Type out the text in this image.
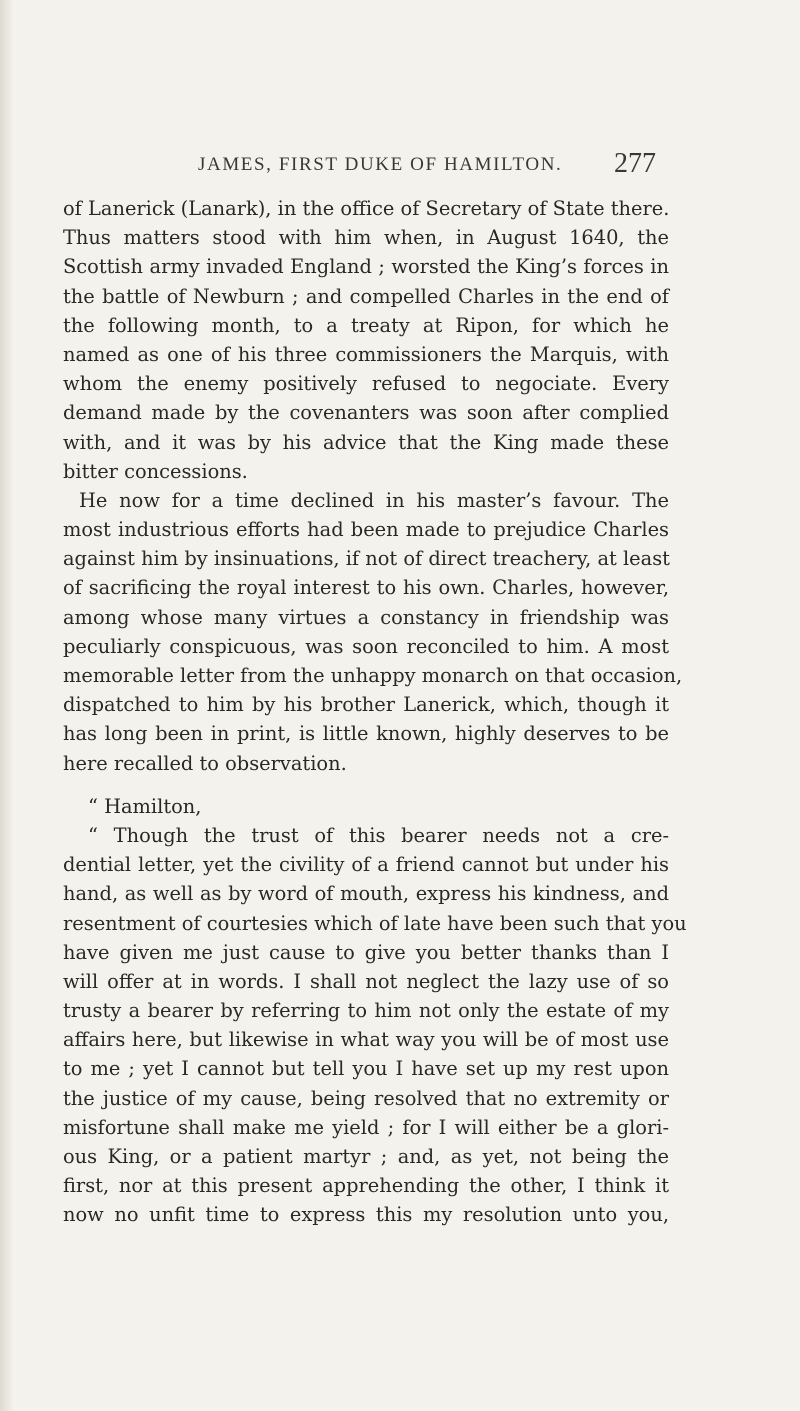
JAMES, FIRST DUKE OF HAMILTON. 277
of Lanerick (Lanark), in the office of Secretary of State there.
Thus matters stood with him when, in August 1640, the
Scottish army invaded England ; worsted the King’s forces in
the battle of Newburn ; and compelled Charles in the end of
the following month, to a treaty at Ripon, for which he
named as one of his three commissioners the Marquis, with
whom the enemy positively refused to negociate. Every
demand made by the covenanters was soon after complied
with, and it was by his advice that the King made these
bitter concessions.
He now for a time declined in his master’s favour. The
most industrious efforts had been made to prejudice Charles
against him by insinuations, if not of direct treachery, at least
of sacrificing the royal interest to his own. Charles, however,
among whose many virtues a constancy in friendship was
peculiarly conspicuous, was soon reconciled to him. A most
memorable letter from the unhappy monarch on that occasion,
dispatched to him by his brother Lanerick, which, though it
has long been in print, is little known, highly deserves to be
here recalled to observation.
“ Hamilton,
“ Though the trust of this bearer needs not a cre-
dential letter, yet the civility of a friend cannot but under his
hand, as well as by word of mouth, express his kindness, and
resentment of courtesies which of late have been such that you
have given me just cause to give you better thanks than I
will offer at in words. I shall not neglect the lazy use of so
trusty a bearer by referring to him not only the estate of my
affairs here, but likewise in what way you will be of most use
to me ; yet I cannot but tell you I have set up my rest upon
the justice of my cause, being resolved that no extremity or
misfortune shall make me yield ; for I will either be a glori-
ous King, or a patient martyr ; and, as yet, not being the
first, nor at this present apprehending the other, I think it
now no unfit time to express this my resolution unto you,
